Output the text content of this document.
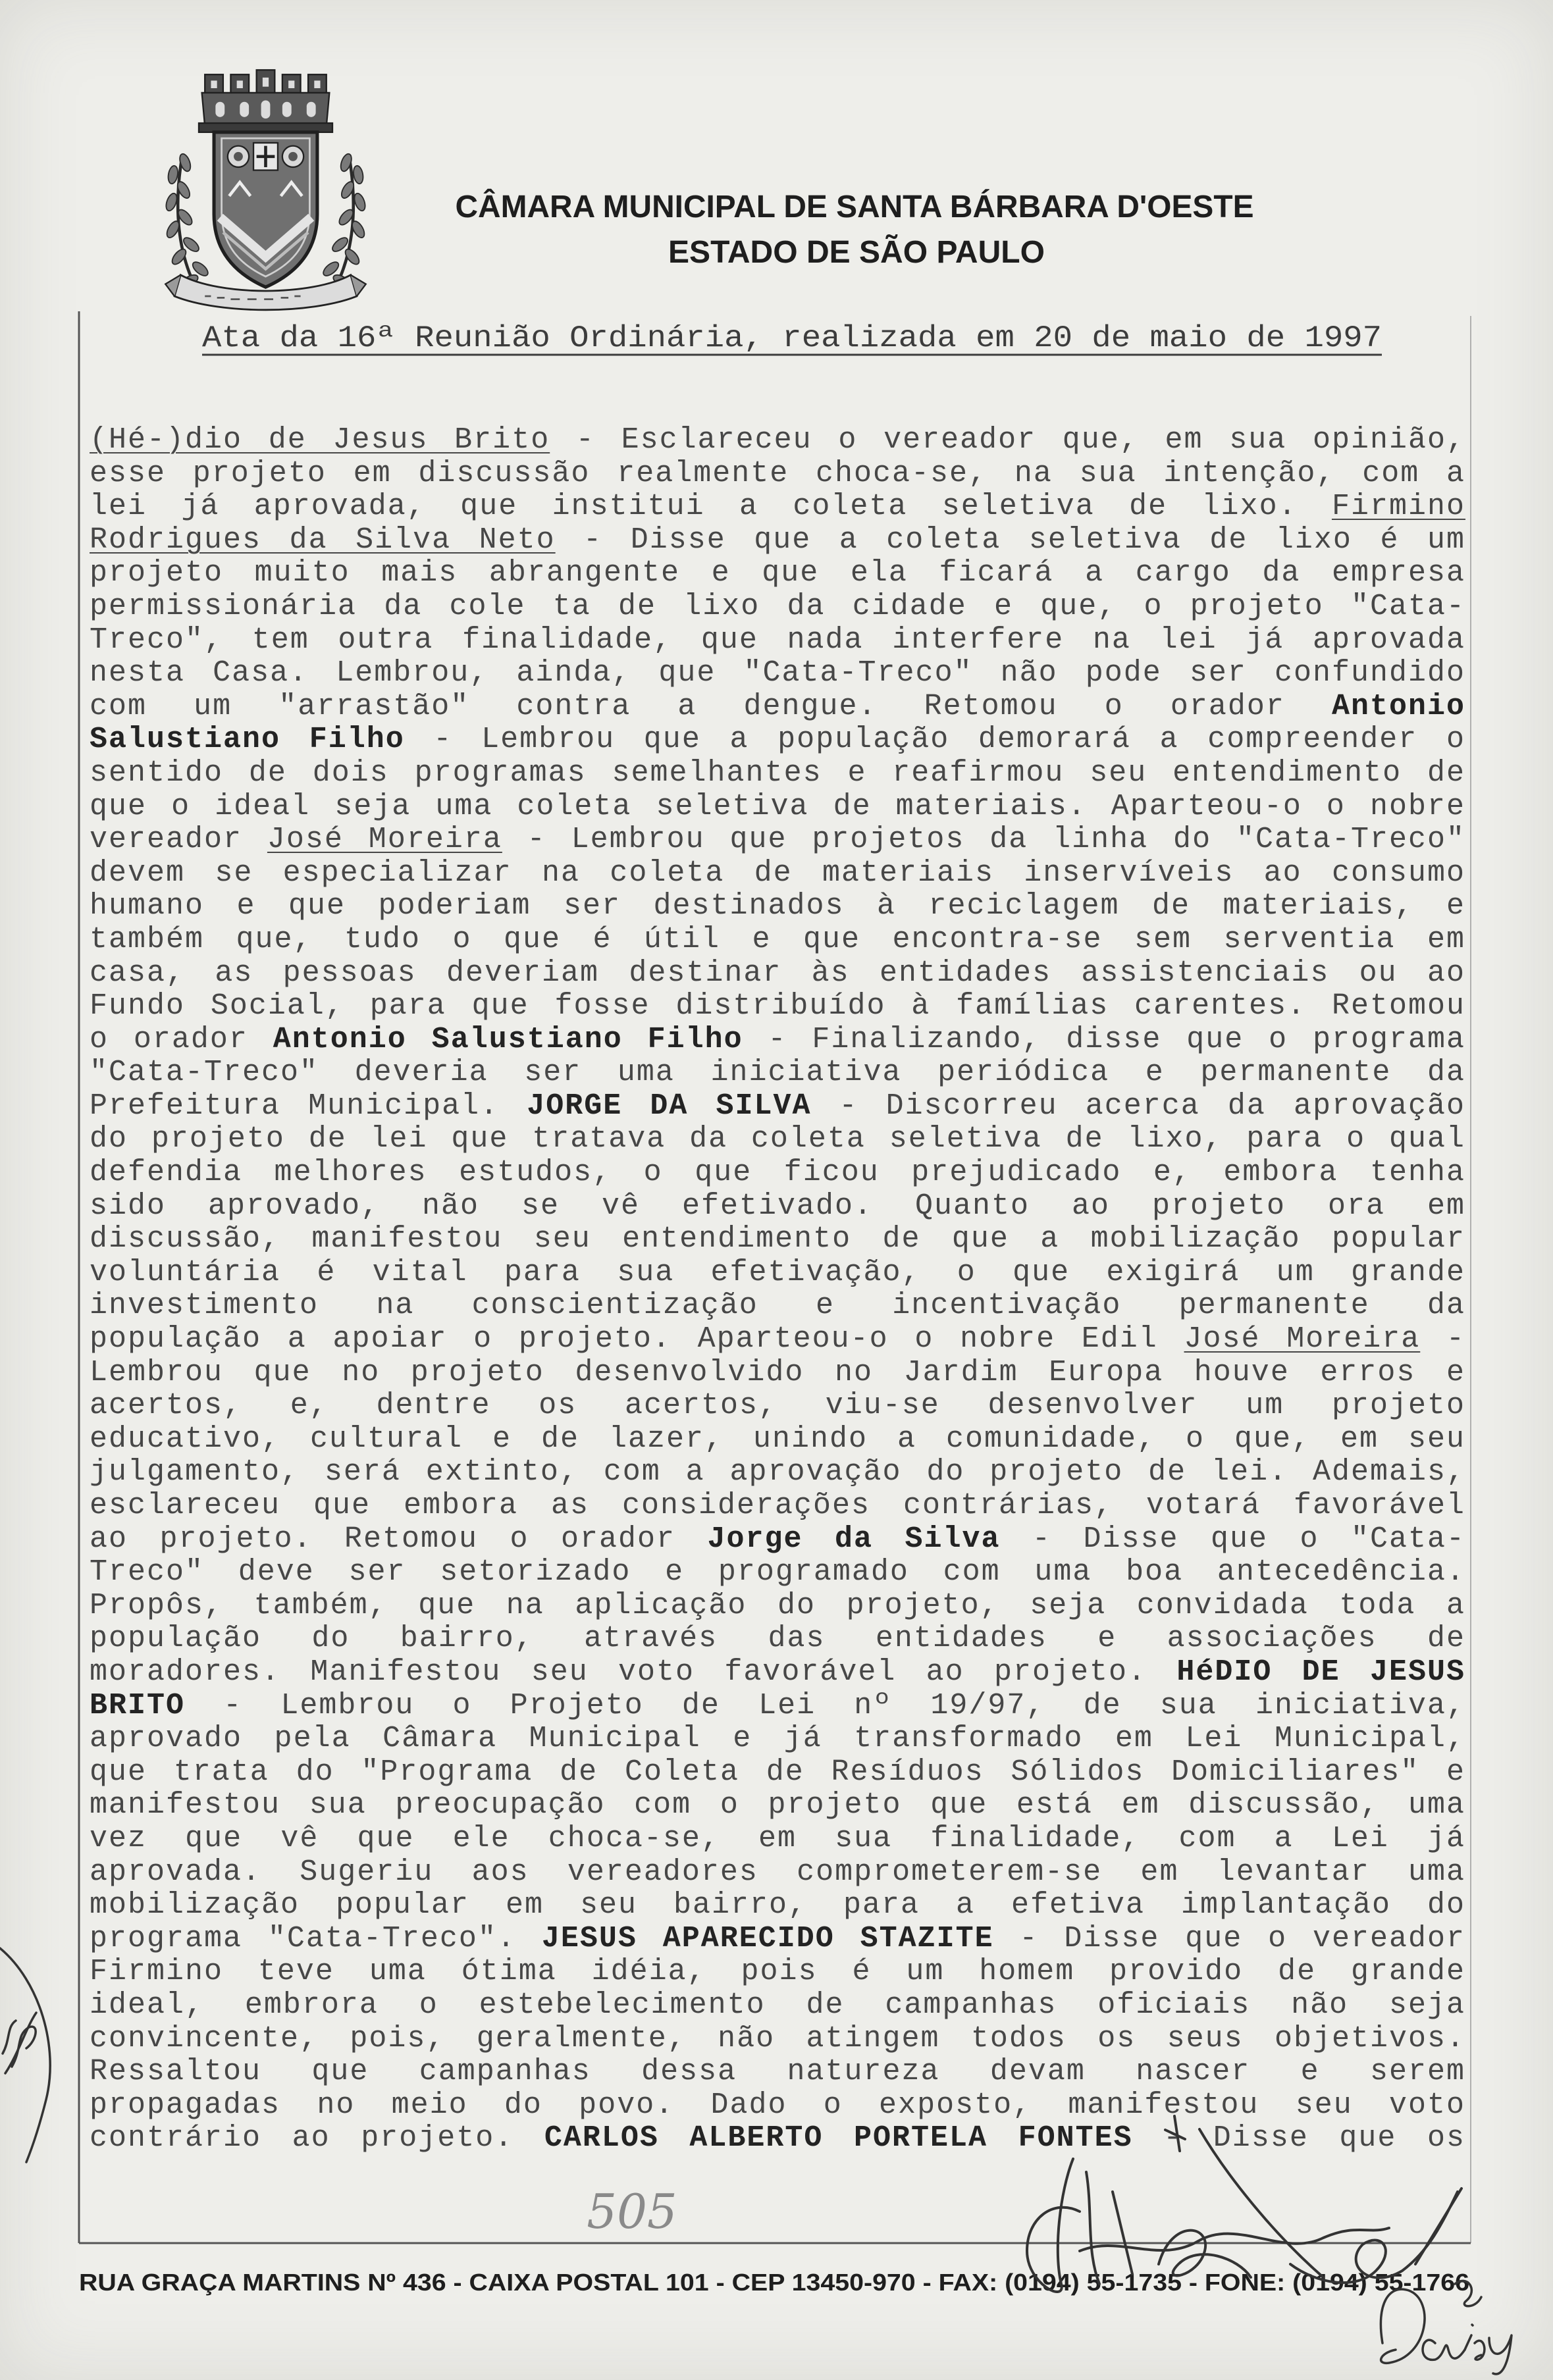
CÂMARA MUNICIPAL DE SANTA BÁRBARA D'OESTE
ESTADO DE SÃO PAULO
Ata da 16ª Reunião Ordinária, realizada em 20 de maio de 1997
RUA GRAÇA MARTINS Nº 436 - CAIXA POSTAL 101 - CEP 13450-970 - FAX: (0194) 55-1735 - FONE: (0194) 55-1766
(Hé-)dio de Jesus Brito - Esclareceu o vereador que, em sua opinião,
esse projeto em discussão realmente choca-se, na sua intenção, com a
lei já aprovada, que institui a coleta seletiva de lixo. Firmino
Rodrigues da Silva Neto - Disse que a coleta seletiva de lixo é um
projeto muito mais abrangente e que ela ficará a cargo da empresa
permissionária da cole ta de lixo da cidade e que, o projeto "Cata-
Treco", tem outra finalidade, que nada interfere na lei já aprovada
nesta Casa. Lembrou, ainda, que "Cata-Treco" não pode ser confundido
com um "arrastão" contra a dengue. Retomou o orador Antonio
Salustiano Filho - Lembrou que a população demorará a compreender o
sentido de dois programas semelhantes e reafirmou seu entendimento de
que o ideal seja uma coleta seletiva de materiais. Aparteou-o o nobre
vereador José Moreira - Lembrou que projetos da linha do "Cata-Treco"
devem se especializar na coleta de materiais inservíveis ao consumo
humano e que poderiam ser destinados à reciclagem de materiais, e
também que, tudo o que é útil e que encontra-se sem serventia em
casa, as pessoas deveriam destinar às entidades assistenciais ou ao
Fundo Social, para que fosse distribuído à famílias carentes. Retomou
o orador Antonio Salustiano Filho - Finalizando, disse que o programa
"Cata-Treco" deveria ser uma iniciativa periódica e permanente da
Prefeitura Municipal. JORGE DA SILVA - Discorreu acerca da aprovação
do projeto de lei que tratava da coleta seletiva de lixo, para o qual
defendia melhores estudos, o que ficou prejudicado e, embora tenha
sido aprovado, não se vê efetivado. Quanto ao projeto ora em
discussão, manifestou seu entendimento de que a mobilização popular
voluntária é vital para sua efetivação, o que exigirá um grande
investimento na conscientização e incentivação permanente da
população a apoiar o projeto. Aparteou-o o nobre Edil José Moreira -
Lembrou que no projeto desenvolvido no Jardim Europa houve erros e
acertos, e, dentre os acertos, viu-se desenvolver um projeto
educativo, cultural e de lazer, unindo a comunidade, o que, em seu
julgamento, será extinto, com a aprovação do projeto de lei. Ademais,
esclareceu que embora as considerações contrárias, votará favorável
ao projeto. Retomou o orador Jorge da Silva - Disse que o "Cata-
Treco" deve ser setorizado e programado com uma boa antecedência.
Propôs, também, que na aplicação do projeto, seja convidada toda a
população do bairro, através das entidades e associações de
moradores. Manifestou seu voto favorável ao projeto. HéDIO DE JESUS
BRITO - Lembrou o Projeto de Lei nº 19/97, de sua iniciativa,
aprovado pela Câmara Municipal e já transformado em Lei Municipal,
que trata do "Programa de Coleta de Resíduos Sólidos Domiciliares" e
manifestou sua preocupação com o projeto que está em discussão, uma
vez que vê que ele choca-se, em sua finalidade, com a Lei já
aprovada. Sugeriu aos vereadores comprometerem-se em levantar uma
mobilização popular em seu bairro, para a efetiva implantação do
programa "Cata-Treco". JESUS APARECIDO STAZITE - Disse que o vereador
Firmino teve uma ótima idéia, pois é um homem provido de grande
ideal, embrora o estebelecimento de campanhas oficiais não seja
convincente, pois, geralmente, não atingem todos os seus objetivos.
Ressaltou que campanhas dessa natureza devam nascer e serem
propagadas no meio do povo. Dado o exposto, manifestou seu voto
contrário ao projeto. CARLOS ALBERTO PORTELA FONTES - Disse que os
505
